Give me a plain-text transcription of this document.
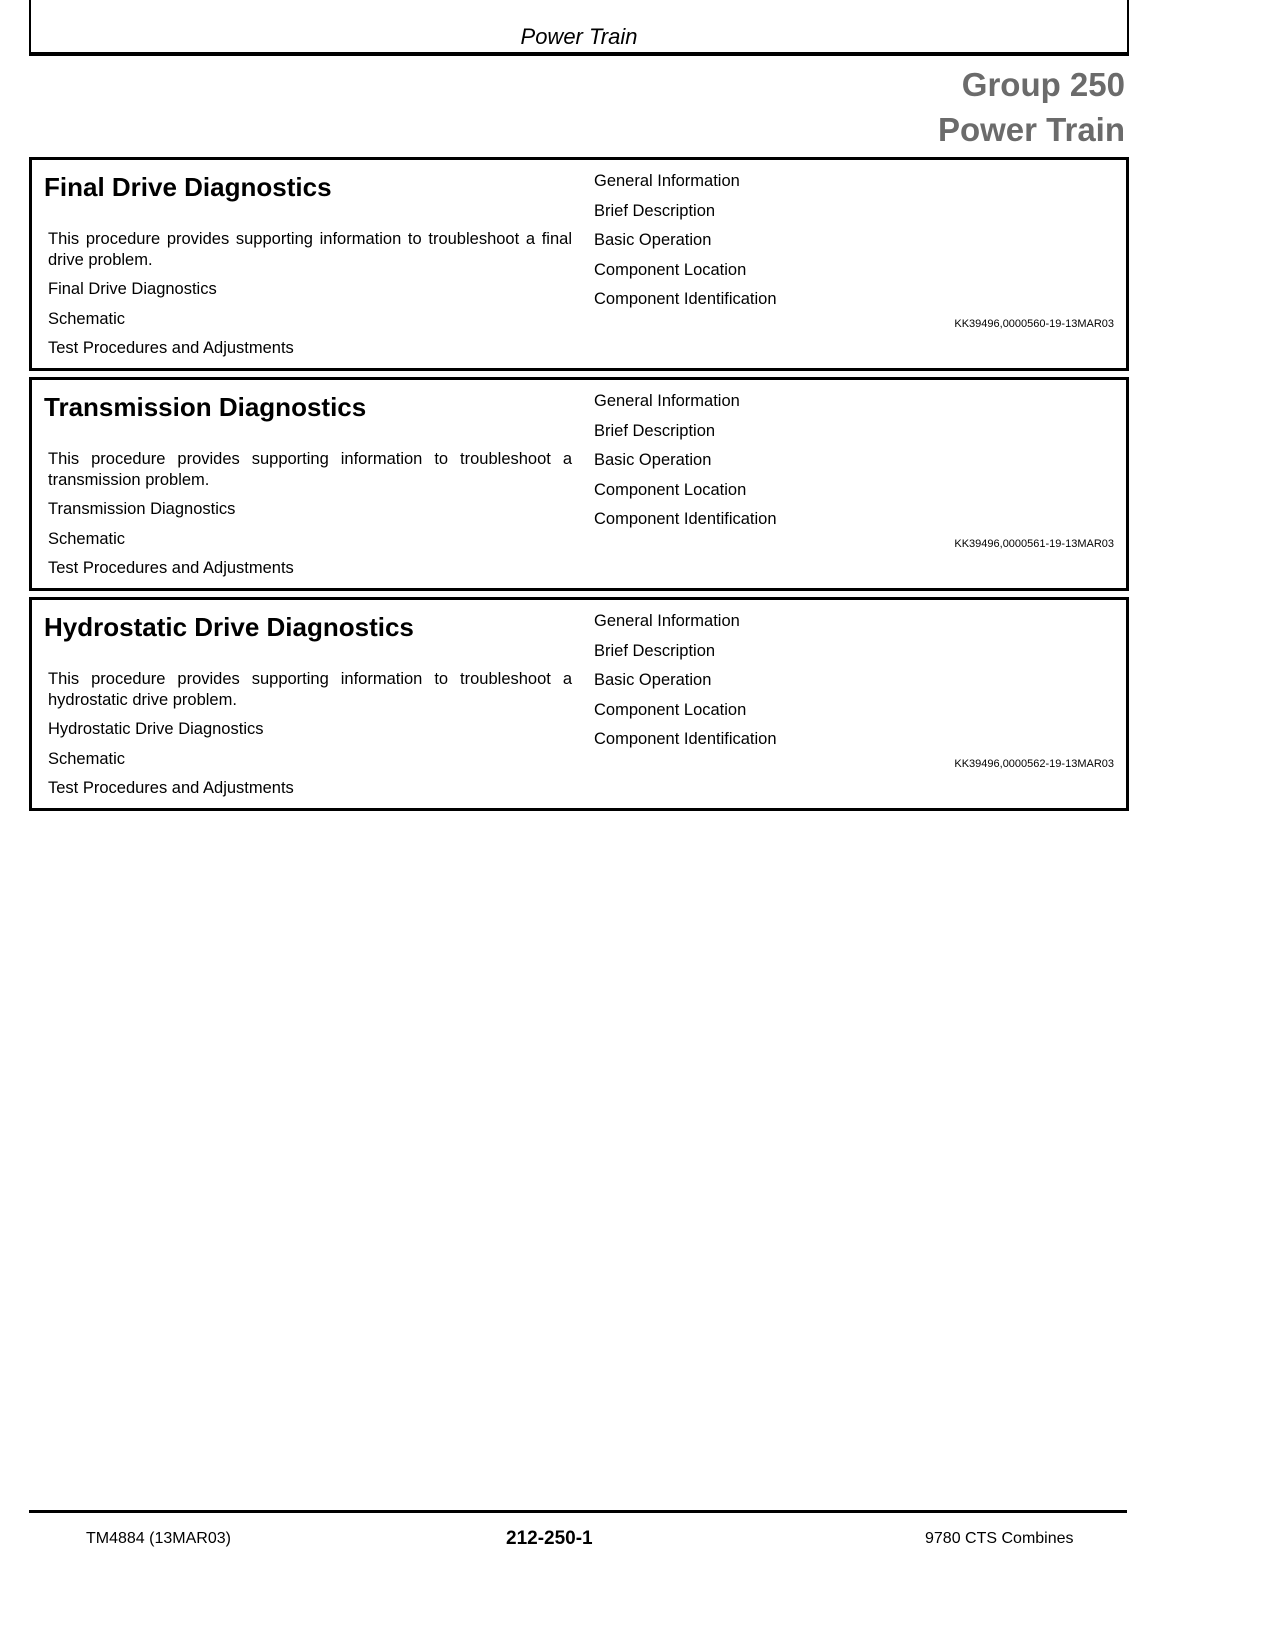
Power Train
Group 250
Power Train
Final Drive Diagnostics
This procedure provides supporting information to troubleshoot a final drive problem.
Final Drive Diagnostics
Schematic
Test Procedures and Adjustments
General Information
Brief Description
Basic Operation
Component Location
Component Identification
KK39496,0000560-19-13MAR03
Transmission Diagnostics
This procedure provides supporting information to troubleshoot a transmission problem.
Transmission Diagnostics
Schematic
Test Procedures and Adjustments
General Information
Brief Description
Basic Operation
Component Location
Component Identification
KK39496,0000561-19-13MAR03
Hydrostatic Drive Diagnostics
This procedure provides supporting information to troubleshoot a hydrostatic drive problem.
Hydrostatic Drive Diagnostics
Schematic
Test Procedures and Adjustments
General Information
Brief Description
Basic Operation
Component Location
Component Identification
KK39496,0000562-19-13MAR03
TM4884 (13MAR03)	212-250-1	9780 CTS Combines
